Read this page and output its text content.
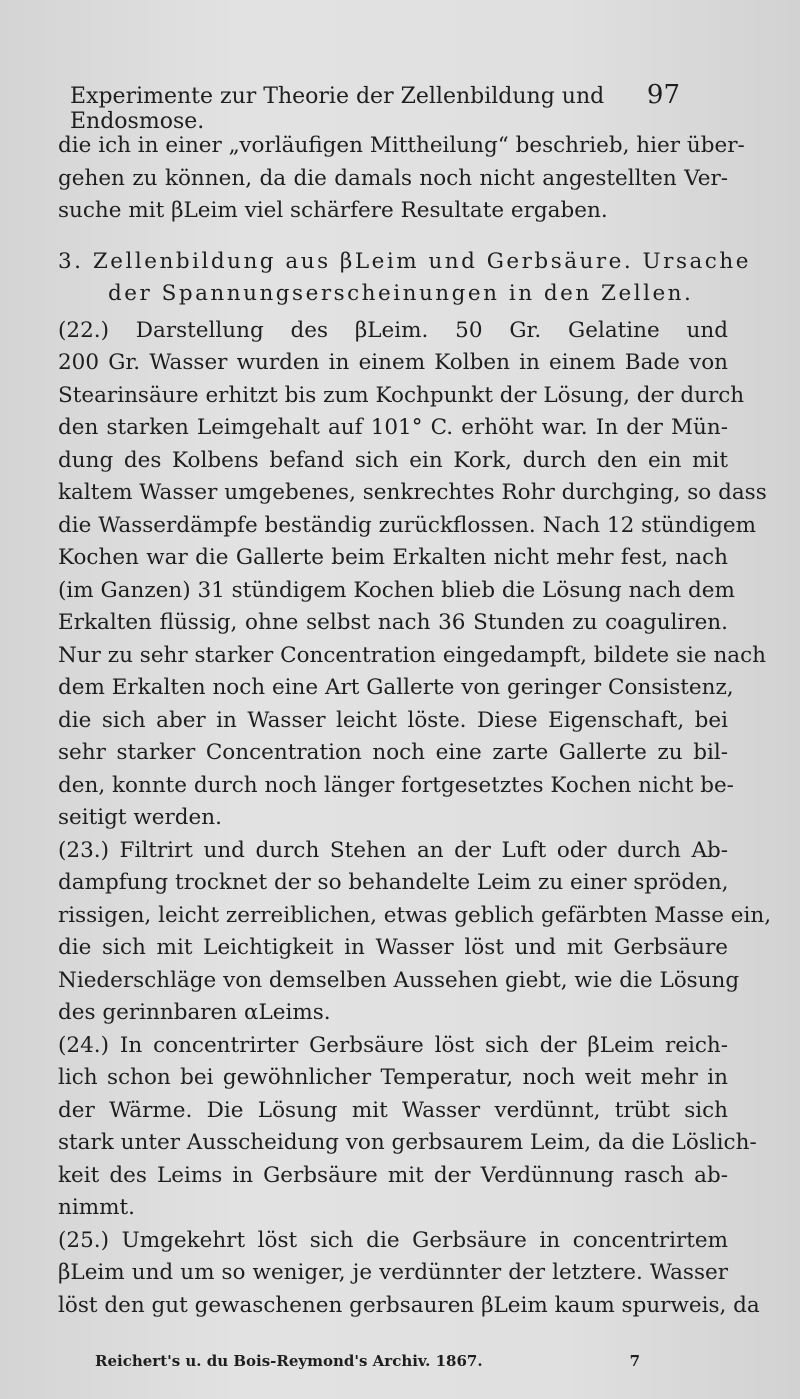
Experimente zur Theorie der Zellenbildung und Endosmose.
97
die ich in einer „vorläufigen Mittheilung“ beschrieb, hier über-
gehen zu können, da die damals noch nicht angestellten Ver-
suche mit βLeim viel schärfere Resultate ergaben.
3. Zellenbildung aus βLeim und Gerbsäure. Ursache
der Spannungserscheinungen in den Zellen.
(22.) Darstellung des βLeim. 50 Gr. Gelatine und
200 Gr. Wasser wurden in einem Kolben in einem Bade von
Stearinsäure erhitzt bis zum Kochpunkt der Lösung, der durch
den starken Leimgehalt auf 101° C. erhöht war. In der Mün-
dung des Kolbens befand sich ein Kork, durch den ein mit
kaltem Wasser umgebenes, senkrechtes Rohr durchging, so dass
die Wasserdämpfe beständig zurückflossen. Nach 12 stündigem
Kochen war die Gallerte beim Erkalten nicht mehr fest, nach
(im Ganzen) 31 stündigem Kochen blieb die Lösung nach dem
Erkalten flüssig, ohne selbst nach 36 Stunden zu coaguliren.
Nur zu sehr starker Concentration eingedampft, bildete sie nach
dem Erkalten noch eine Art Gallerte von geringer Consistenz,
die sich aber in Wasser leicht löste. Diese Eigenschaft, bei
sehr starker Concentration noch eine zarte Gallerte zu bil-
den, konnte durch noch länger fortgesetztes Kochen nicht be-
seitigt werden.
(23.) Filtrirt und durch Stehen an der Luft oder durch Ab-
dampfung trocknet der so behandelte Leim zu einer spröden,
rissigen, leicht zerreiblichen, etwas geblich gefärbten Masse ein,
die sich mit Leichtigkeit in Wasser löst und mit Gerbsäure
Niederschläge von demselben Aussehen giebt, wie die Lösung
des gerinnbaren αLeims.
(24.) In concentrirter Gerbsäure löst sich der βLeim reich-
lich schon bei gewöhnlicher Temperatur, noch weit mehr in
der Wärme. Die Lösung mit Wasser verdünnt, trübt sich
stark unter Ausscheidung von gerbsaurem Leim, da die Löslich-
keit des Leims in Gerbsäure mit der Verdünnung rasch ab-
nimmt.
(25.) Umgekehrt löst sich die Gerbsäure in concentrirtem
βLeim und um so weniger, je verdünnter der letztere. Wasser
löst den gut gewaschenen gerbsauren βLeim kaum spurweis, da
Reichert's u. du Bois-Reymond's Archiv. 1867.	7
